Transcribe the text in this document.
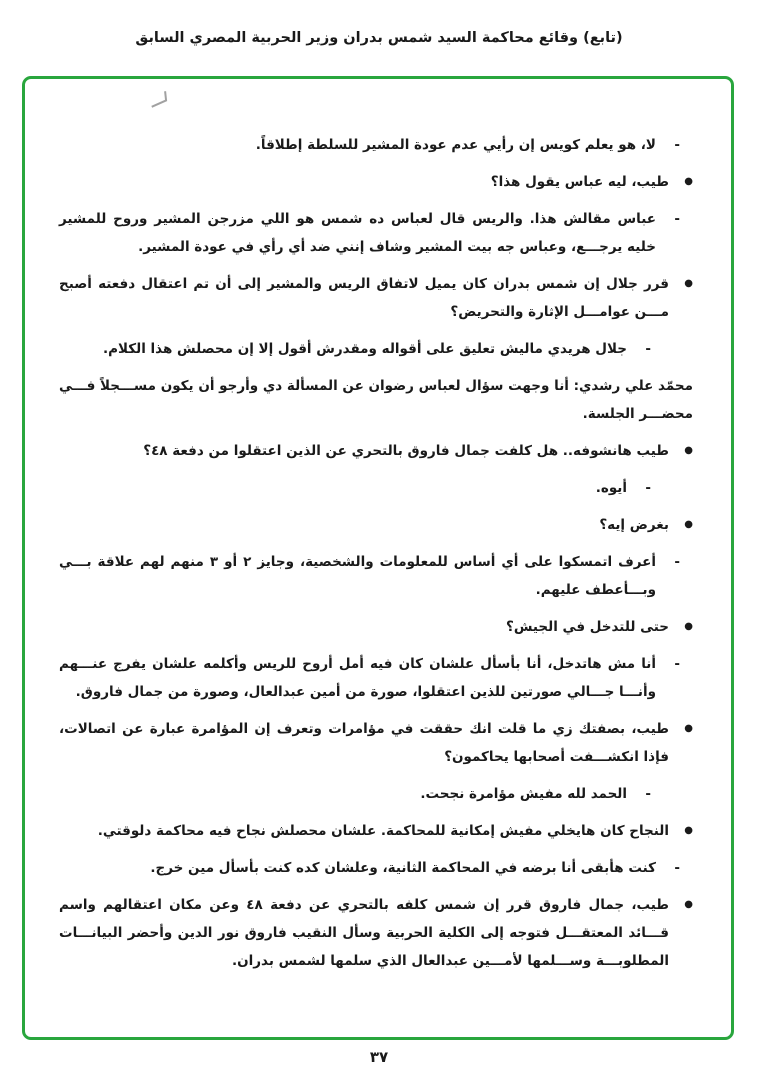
(تابع) وقائع محاكمة السيد شمس بدران وزير الحربية المصري السابق
-
لا، هو يعلم كويس إن رأيي عدم عودة المشير للسلطة إطلاقاً.
●
طيب، ليه عباس يقول هذا؟
-
عباس مقالش هذا. والريس قال لعباس ده شمس هو اللي مزرجن المشير وروح للمشير خليه يرجـــع، وعباس جه بيت المشير وشاف إنني ضد أي رأي في عودة المشير.
●
قرر جلال إن شمس بدران كان يميل لاتفاق الريس والمشير إلى أن تم اعتقال دفعته أصبح مـــن عوامـــل الإثارة والتحريض؟
-
جلال هريدي ماليش تعليق على أقواله ومقدرش أقول إلا إن محصلش هذا الكلام.
محمّد علي رشدي: أنا وجهت سؤال لعباس رضوان عن المسألة دي وأرجو أن يكون مســـجلاً فـــي محضـــر الجلسة.
●
طيب هانشوفه.. هل كلفت جمال فاروق بالتحري عن الذين اعتقلوا من دفعة ٤٨؟
-
أيوه.
●
بغرض إيه؟
-
أعرف اتمسكوا على أي أساس للمعلومات والشخصية، وجايز ٢ أو ٣ منهم لهم علاقة بـــي وبـــأعطف عليهم.
●
حتى للتدخل في الجيش؟
-
أنا مش هاتدخل، أنا بأسأل علشان كان فيه أمل أروح للريس وأكلمه علشان يفرج عنـــهم وأنـــا جـــالي صورتين للذين اعتقلوا، صورة من أمين عبدالعال، وصورة من جمال فاروق.
●
طيب، بصفتك زي ما قلت انك حققت في مؤامرات وتعرف إن المؤامرة عبارة عن اتصالات، فإذا انكشـــفت أصحابها يحاكمون؟
-
الحمد لله مفيش مؤامرة نجحت.
●
النجاح كان هايخلي مفيش إمكانية للمحاكمة. علشان محصلش نجاح فيه محاكمة دلوقتي.
-
كنت هأبقى أنا برضه في المحاكمة الثانية، وعلشان كده كنت بأسأل مين خرج.
●
طيب، جمال فاروق قرر إن شمس كلفه بالتحري عن دفعة ٤٨ وعن مكان اعتقالهم واسم قـــائد المعتقـــل فتوجه إلى الكلية الحربية وسأل النقيب فاروق نور الدين وأحضر البيانـــات المطلوبـــة وســـلمها لأمـــين عبدالعال الذي سلمها لشمس بدران.
٣٧
